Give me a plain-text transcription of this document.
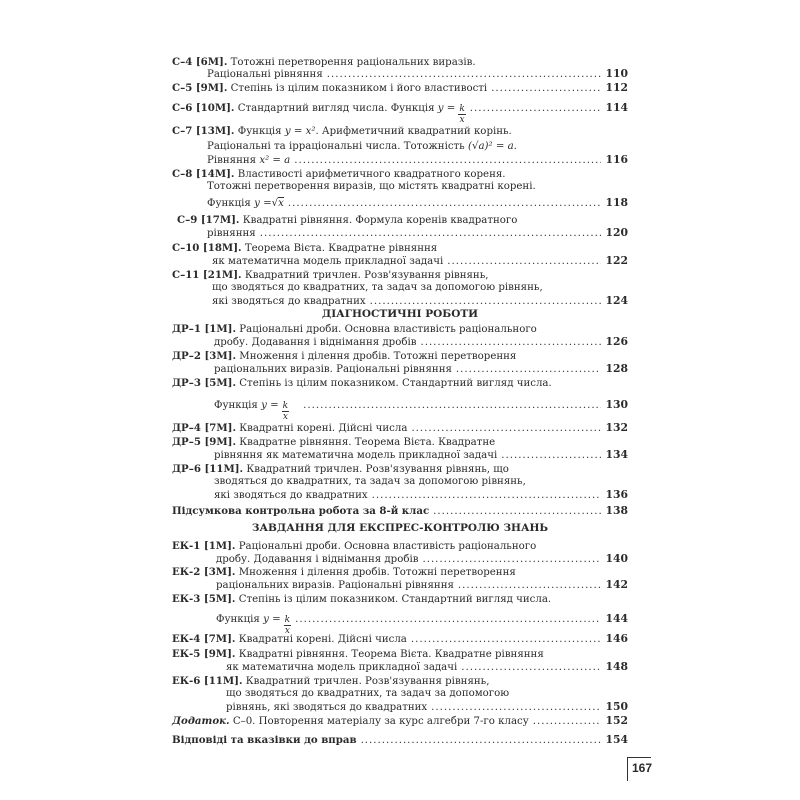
С–4 [6М].
Тотожні перетворення раціональних виразів.
Раціональні рівняння .....	110
С–5 [9М].
Степінь із цілим показником і його властивості .....	112
С–6 [10М].
Стандартний вигляд числа.
Функція
$y = \frac{k}{x}$ .....	114
С–7 [13М].
Функція
y = x² . Арифметичний квадратний корінь.
Раціональні та ірраціональні числа. Тотожність
(√a)² = a.
Рівняння
x² = a .....	116
С–8 [14М].
Властивості арифметичного квадратного кореня.
Тотожні перетворення виразів, що містять квадратні корені.
Функція
y = √x .....	118
С–9 [17М].
Квадратні рівняння. Формула коренів квадратного
рівняння .....	120
С–10 [18М].
Теорема Вієта. Квадратне рівняння
як математична модель прикладної задачі .....	122
С–11 [21М].
Квадратний тричлен. Розв'язування рівнянь,
що зводяться до квадратних, та задач за допомогою рівнянь,
які зводяться до квадратних .....	124
ДІАГНОСТИЧНІ РОБОТИ
ДР–1 [1М].
Раціональні дроби. Основна властивість раціонального
дробу. Додавання і віднімання дробів .....	126
ДР–2 [3М].
Множення і ділення дробів. Тотожні перетворення
раціональних виразів. Раціональні рівняння .....	128
ДР–3 [5М].
Степінь із цілим показником. Стандартний вигляд числа.
Функція
$y = \frac{k}{x}$ .....	130
ДР–4 [7М].
Квадратні корені. Дійсні числа .....	132
ДР–5 [9М].
Квадратне рівняння. Теорема Вієта. Квадратне
рівняння як математична модель прикладної задачі .....	134
ДР–6 [11М].
Квадратний тричлен. Розв'язування рівнянь, що
зводяться до квадратних, та задач за допомогою рівнянь,
які зводяться до квадратних .....	136
Підсумкова контрольна робота за 8-й клас .....	138
ЗАВДАННЯ ДЛЯ ЕКСПРЕС-КОНТРОЛЮ ЗНАНЬ
ЕК-1 [1М].
Раціональні дроби. Основна властивість раціонального
дробу. Додавання і віднімання дробів .....	140
ЕК-2 [3М].
Множення і ділення дробів. Тотожні перетворення
раціональних виразів. Раціональні рівняння .....	142
ЕК-3 [5М].
Степінь із цілим показником. Стандартний вигляд числа.
Функція
$y = \frac{k}{x}$ .....	144
ЕК-4 [7М].
Квадратні корені. Дійсні числа .....	146
ЕК-5 [9М].
Квадратні рівняння. Теорема Вієта. Квадратне рівняння
як математична модель прикладної задачі .....	148
ЕК-6 [11М].
Квадратний тричлен. Розв'язування рівнянь,
що зводяться до квадратних, та задач за допомогою
рівнянь, які зводяться до квадратних .....	150
Додаток.
С–0. Повторення матеріалу за курс алгебри 7-го класу .....	152
Відповіді та вказівки до вправ .....	154
167
